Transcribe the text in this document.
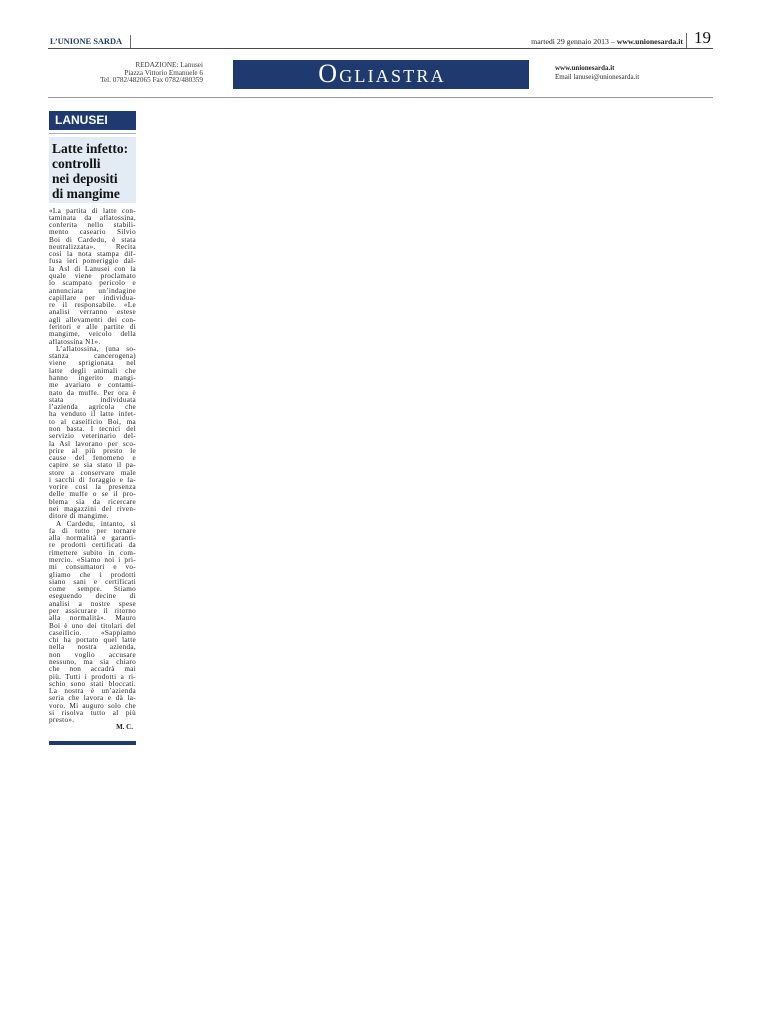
L’UNIONE SARDA	martedì 29 gennaio 2013 – www.unionesarda.it 19
REDAZIONE: Lanusei
Piazza Vittorio Emanuele 6
Tel. 0782/482065 Fax 0782/480359	OGLIASTRA	www.unionesarda.it
Email lanusei@unionesarda.it
LANUSEI
Latte infetto:
controlli
nei depositi
di mangime
«La partita di latte con-
taminata da aflatossina,
conferita nello stabili-
mento caseario Silvio
Boi di Cardedu, è stata
neutralizzata». Recita
così la nota stampa dif-
fusa ieri pomeriggio dal-
la Asl di Lanusei con la
quale viene proclamato
lo scampato pericolo e
annunciata un’indagine
capillare per individua-
re il responsabile. «Le
analisi verranno estese
agli allevamenti dei con-
feritori e alle partite di
mangime, veicolo della
aflatossina N1».
L’aflatossina, (una so-
stanza cancerogena)
viene sprigionata nel
latte degli animali che
hanno ingerito mangi-
me avariato e contami-
nato da muffe. Per ora è
stata individuata
l’azienda agricola che
ha venduto il latte infet-
to al caseificio Boi, ma
non basta. I tecnici del
servizio veterinario del-
la Asl lavorano per sco-
prire al più presto le
cause del fenomeno e
capire se sia stato il pa-
store a conservare male
i sacchi di foraggio e fa-
vorire così la presenza
delle muffe o se il pro-
blema sia da ricercare
nei magazzini del riven-
ditore di mangime.
A Cardedu, intanto, si
fa di tutto per tornare
alla normalità e garanti-
re prodotti certificati da
rimettere subito in com-
mercio. «Siamo noi i pri-
mi consumatori e vo-
gliamo che i prodotti
siano sani e certificati
come sempre. Stiamo
eseguendo decine di
analisi a nostre spese
per assicurare il ritorno
alla normalità». Mauro
Boi è uno dei titolari del
caseificio. «Sappiamo
chi ha portato quel latte
nella nostra azienda,
non voglio accusare
nessuno, ma sia chiaro
che non accadrà mai
più. Tutti i prodotti a ri-
schio sono stati bloccati.
La nostra è un’azienda
seria che lavora e dà la-
voro. Mi auguro solo che
si risolva tutto al più
presto».
M. C.
